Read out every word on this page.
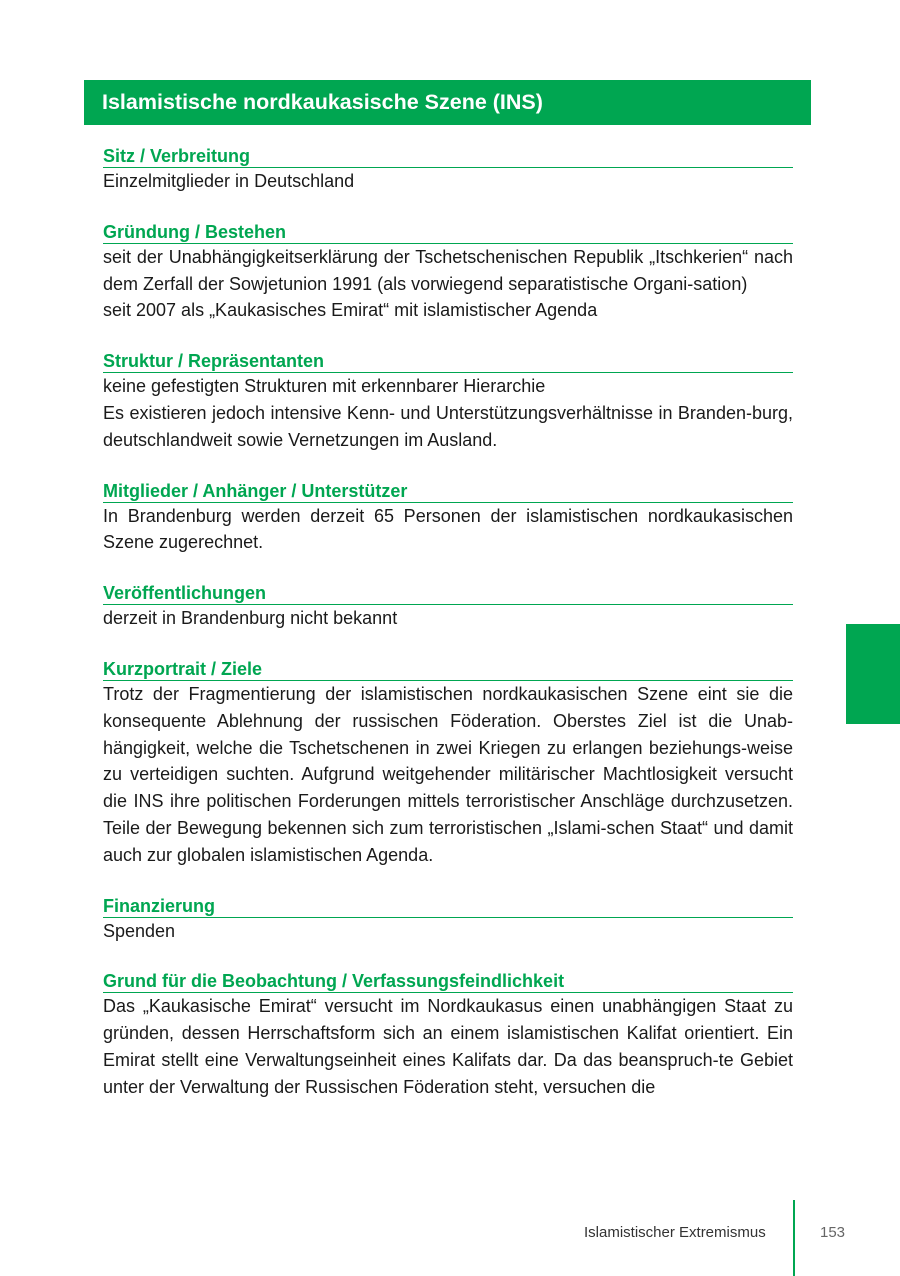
Islamistische nordkaukasische Szene (INS)
Sitz / Verbreitung

Einzelmitglieder in Deutschland

Gründung / Bestehen

seit der Unabhängigkeitserklärung der Tschetschenischen Republik „Itschkerien“ nach dem Zerfall der Sowjetunion 1991 (als vorwiegend separatistische Organi-sation)

seit 2007 als „Kaukasisches Emirat“ mit islamistischer Agenda

Struktur / Repräsentanten

keine gefestigten Strukturen mit erkennbarer Hierarchie

Es existieren jedoch intensive Kenn- und Unterstützungsverhältnisse in Branden-burg, deutschlandweit sowie Vernetzungen im Ausland.

Mitglieder / Anhänger / Unterstützer

In Brandenburg werden derzeit 65 Personen der islamistischen nordkaukasischen Szene zugerechnet.

Veröffentlichungen

derzeit in Brandenburg nicht bekannt

Kurzportrait / Ziele

Trotz der Fragmentierung der islamistischen nordkaukasischen Szene eint sie die konsequente Ablehnung der russischen Föderation. Oberstes Ziel ist die Unab-hängigkeit, welche die Tschetschenen in zwei Kriegen zu erlangen beziehungs-weise zu verteidigen suchten. Aufgrund weitgehender militärischer Machtlosigkeit versucht die INS ihre politischen Forderungen mittels terroristischer Anschläge durchzusetzen. Teile der Bewegung bekennen sich zum terroristischen „Islami-schen Staat“ und damit auch zur globalen islamistischen Agenda.

Finanzierung

Spenden

Grund für die Beobachtung / Verfassungsfeindlichkeit

Das „Kaukasische Emirat“ versucht im Nordkaukasus einen unabhängigen Staat zu gründen, dessen Herrschaftsform sich an einem islamistischen Kalifat orientiert. Ein Emirat stellt eine Verwaltungseinheit eines Kalifats dar. Da das beanspruch-te Gebiet unter der Verwaltung der Russischen Föderation steht, versuchen die

Islamistischer Extremismus	153
